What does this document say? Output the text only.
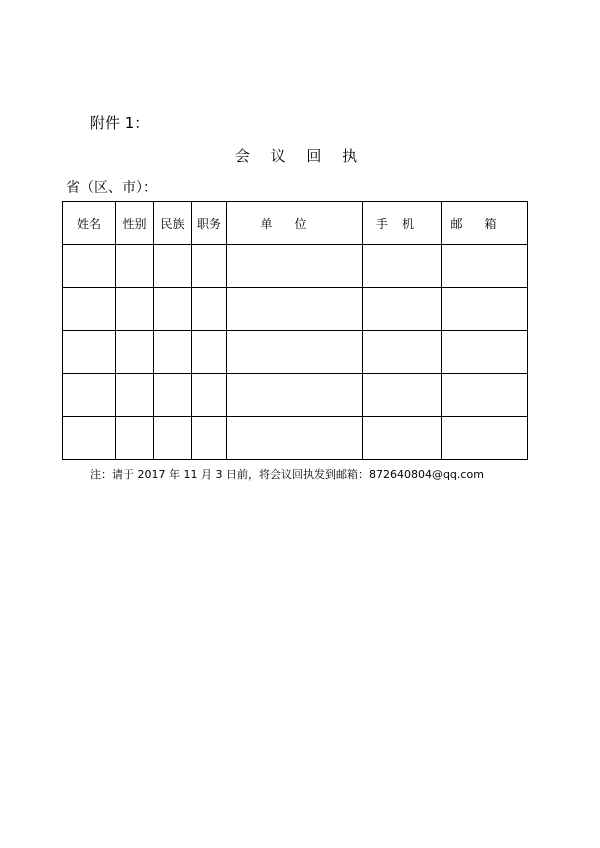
附件 1：
会 议 回 执
省（区、市）：
姓名	性别	民族	职务	单位	手机	邮箱

注：请于 2017 年 11 月 3 日前，将会议回执发到邮箱：872640804@qq.com
